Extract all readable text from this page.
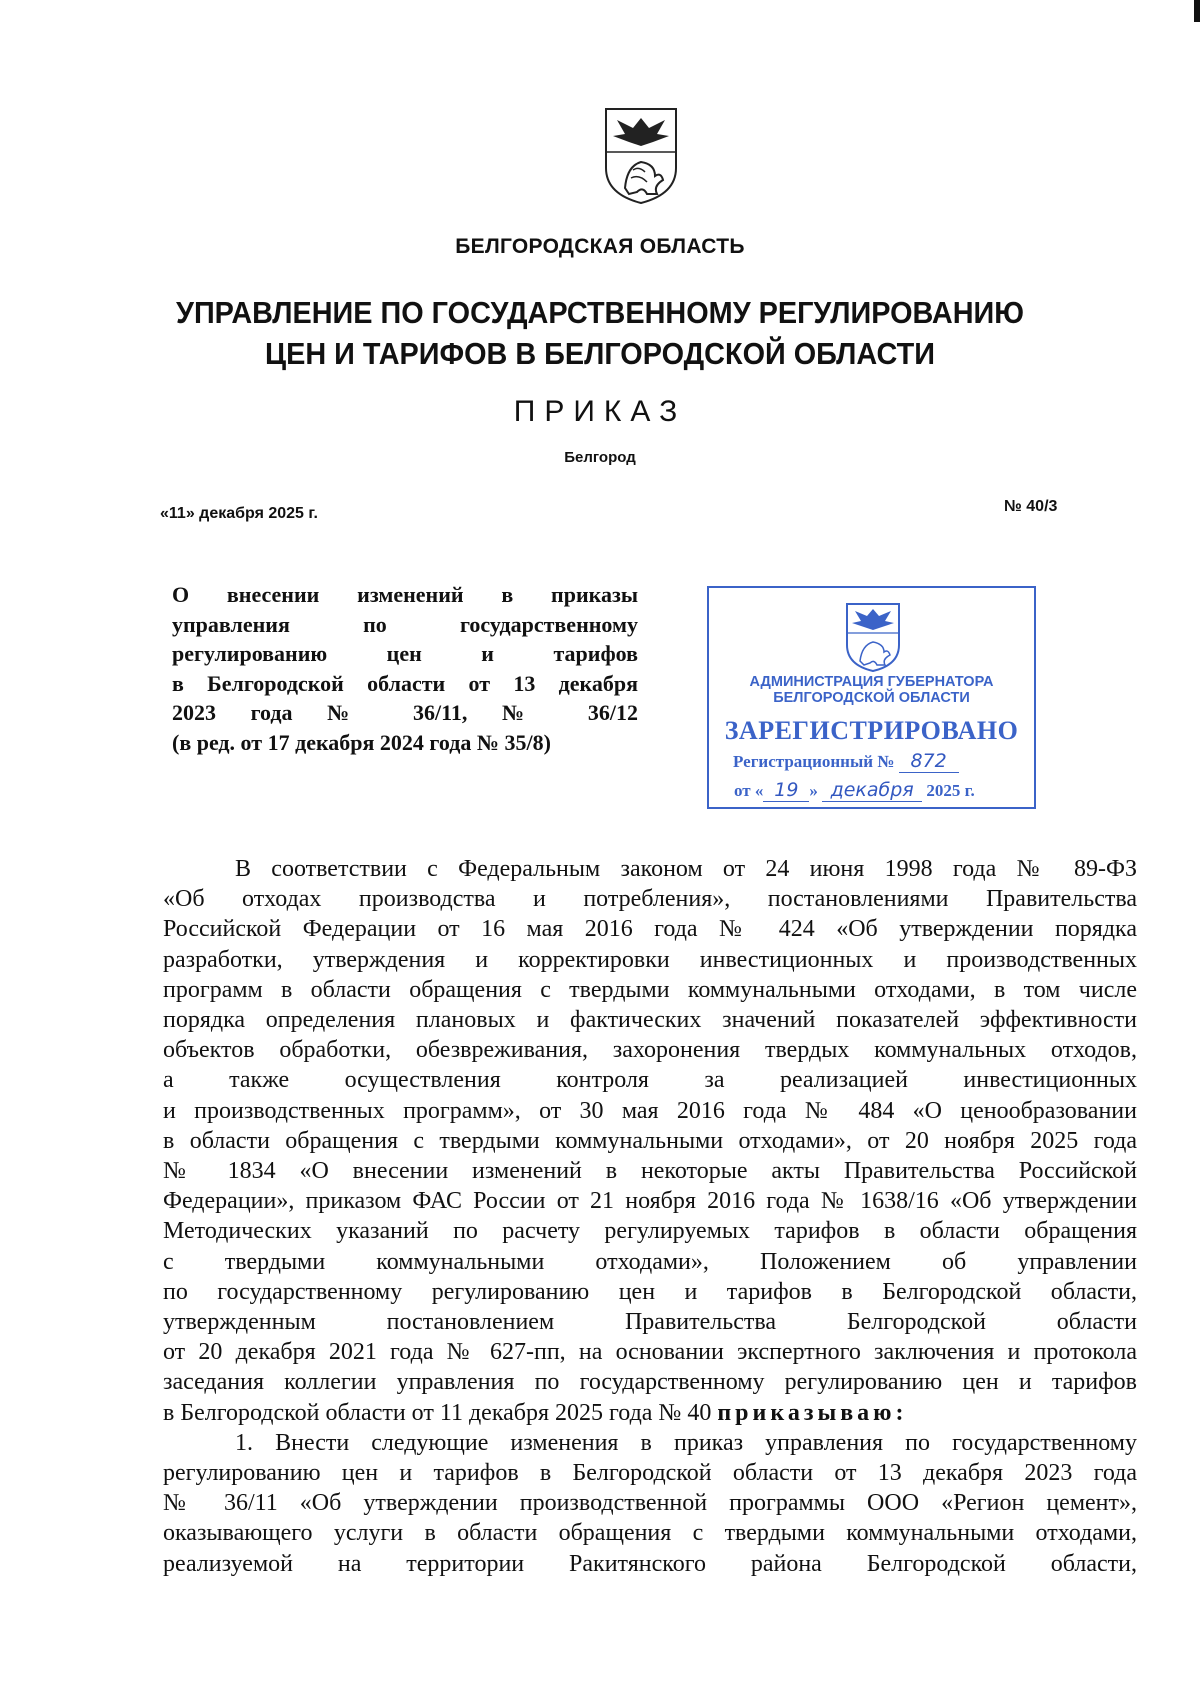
БЕЛГОРОДСКАЯ ОБЛАСТЬ
УПРАВЛЕНИЕ ПО ГОСУДАРСТВЕННОМУ РЕГУЛИРОВАНИЮ
ЦЕН И ТАРИФОВ В БЕЛГОРОДСКОЙ ОБЛАСТИ
ПРИКАЗ
Белгород
«11» декабря 2025 г.	№ 40/3
О внесении изменений в приказы
управления по государственному
регулированию цен и тарифов
в Белгородской области от 13 декабря
2023 года № 36/11, № 36/12
(в ред. от 17 декабря 2024 года № 35/8)
АДМИНИСТРАЦИЯ ГУБЕРНАТОРА
БЕЛГОРОДСКОЙ ОБЛАСТИ
ЗАРЕГИСТРИРОВАНО
Регистрационный № 872
от « 19 » декабря 2025 г.
В соответствии с Федеральным законом от 24 июня 1998 года № 89-ФЗ
«Об отходах производства и потребления», постановлениями Правительства
Российской Федерации от 16 мая 2016 года № 424 «Об утверждении порядка
разработки, утверждения и корректировки инвестиционных и производственных
программ в области обращения с твердыми коммунальными отходами, в том числе
порядка определения плановых и фактических значений показателей эффективности
объектов обработки, обезвреживания, захоронения твердых коммунальных отходов,
а также осуществления контроля за реализацией инвестиционных
и производственных программ», от 30 мая 2016 года № 484 «О ценообразовании
в области обращения с твердыми коммунальными отходами», от 20 ноября 2025 года
№ 1834 «О внесении изменений в некоторые акты Правительства Российской
Федерации», приказом ФАС России от 21 ноября 2016 года № 1638/16 «Об утверждении
Методических указаний по расчету регулируемых тарифов в области обращения
с твердыми коммунальными отходами», Положением об управлении
по государственному регулированию цен и тарифов в Белгородской области,
утвержденным постановлением Правительства Белгородской области
от 20 декабря 2021 года № 627-пп, на основании экспертного заключения и протокола
заседания коллегии управления по государственному регулированию цен и тарифов
в Белгородской области от 11 декабря 2025 года № 40 приказываю:
1. Внести следующие изменения в приказ управления по государственному
регулированию цен и тарифов в Белгородской области от 13 декабря 2023 года
№ 36/11 «Об утверждении производственной программы ООО «Регион цемент»,
оказывающего услуги в области обращения с твердыми коммунальными отходами,
реализуемой на территории Ракитянского района Белгородской области,
